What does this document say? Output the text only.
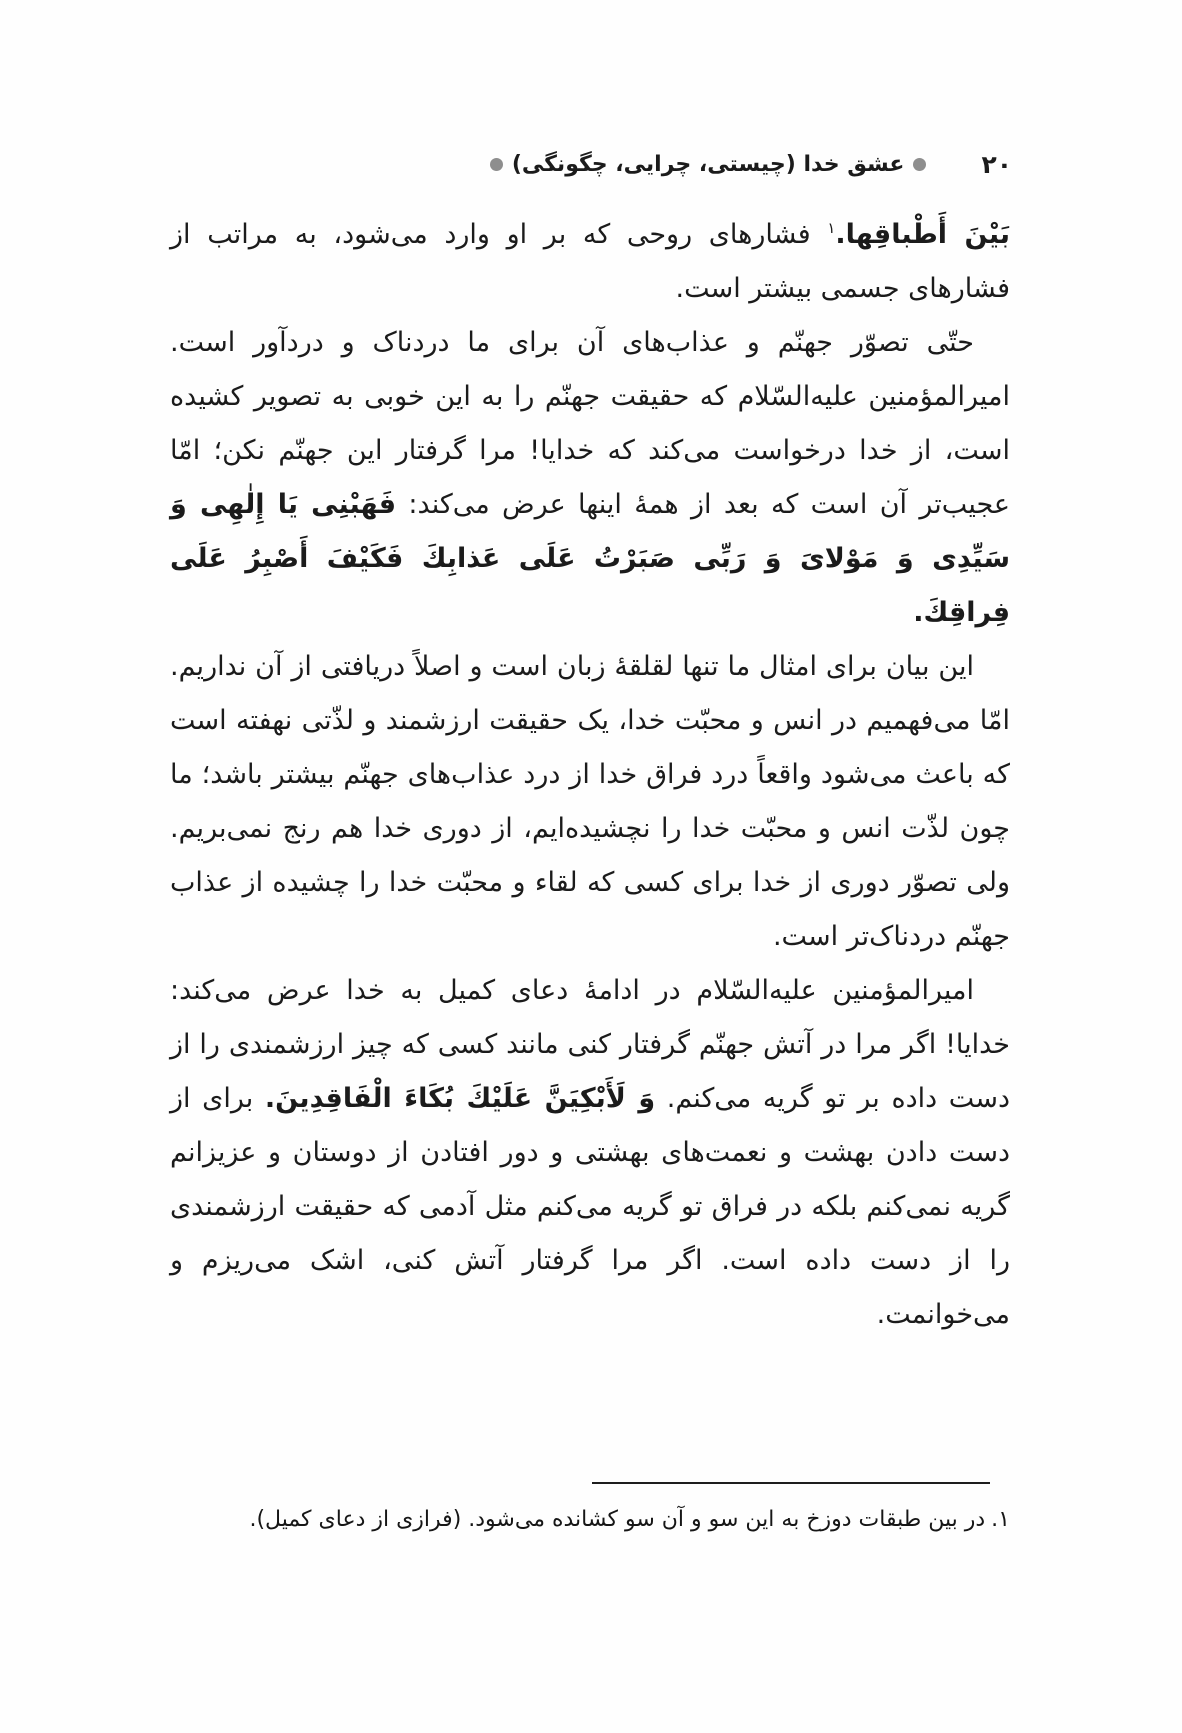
۲۰
عشق خدا (چیستی، چرایی، چگونگی)

بَيْنَ أَطْباقِها.$^۱$ فشارهای روحی که بر او وارد می‌شود، به مراتب از فشارهای جسمی بیشتر است.

حتّی تصوّر جهنّم و عذاب‌های آن برای ما دردناک و دردآور است. امیرالمؤمنین علیه‌السّلام که حقیقت جهنّم را به این خوبی به تصویر کشیده است، از خدا درخواست می‌کند که خدایا! مرا گرفتار این جهنّم نکن؛ امّا عجیب‌تر آن است که بعد از همهٔ اینها عرض می‌کند: فَهَبْنِی یَا إِلٰهِی وَ سَیِّدِی وَ مَوْلایَ وَ رَبِّی صَبَرْتُ عَلَی عَذابِكَ فَكَیْفَ أَصْبِرُ عَلَی فِراقِكَ.

این بیان برای امثال ما تنها لقلقهٔ زبان است و اصلاً دریافتی از آن نداریم. امّا می‌فهمیم در انس و محبّت خدا، یک حقیقت ارزشمند و لذّتی نهفته است که باعث می‌شود واقعاً درد فراق خدا از درد عذاب‌های جهنّم بیشتر باشد؛ ما چون لذّت انس و محبّت خدا را نچشیده‌ایم، از دوری خدا هم رنج نمی‌بریم. ولی تصوّر دوری از خدا برای کسی که لقاء و محبّت خدا را چشیده از عذاب جهنّم دردناک‌تر است.

امیرالمؤمنین علیه‌السّلام در ادامهٔ دعای کمیل به خدا عرض می‌کند: خدایا! اگر مرا در آتش جهنّم گرفتار کنی مانند کسی که چیز ارزشمندی را از دست داده بر تو گریه می‌کنم. وَ لَأَبْكِيَنَّ عَلَيْكَ بُكَاءَ الْفَاقِدِينَ. برای از دست دادن بهشت و نعمت‌های بهشتی و دور افتادن از دوستان و عزیزانم گریه نمی‌کنم بلکه در فراق تو گریه می‌کنم مثل آدمی که حقیقت ارزشمندی را از دست داده است. اگر مرا گرفتار آتش کنی، اشک می‌ریزم و می‌خوانمت.

۱.در بین طبقات دوزخ به این سو و آن سو کشانده می‌شود. (فرازی از دعای کمیل).
